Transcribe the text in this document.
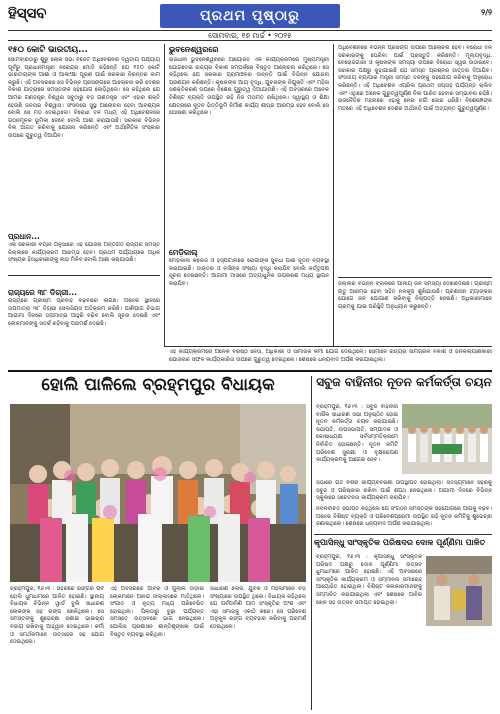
ହିସ୍ସବ	ପ୍ରଥମ ପୃଷ୍ଠାରୁ	୨/୨
ସୋମବାର, ୧୭ ମାର୍ଚ୍ଚ • ୨୦୨୫
୧୫୦ କୋଟି ଭାରତୀୟ...
ସୋମବାରଠାରୁ ଶୁରୁ ଲୋକ ସଭା ବଜେଟ ଅଧିବେଶନର ଦ୍ୱିତୀୟ ପର୍ଯ୍ୟାୟ ପୂର୍ବରୁ ପ୍ରଧାନମନ୍ତ୍ରୀ ନରେନ୍ଦ୍ର ମୋଦି କହିଛନ୍ତି ଯେ ୧୫୦ କୋଟି ଭାରତୀୟଙ୍କ ଆଶା ଓ ଆକାଂକ୍ଷା ପୂରଣ ପାଇଁ ସରକାର ନିରନ୍ତର କାମ କରୁଛି। ଏହି ଅବସରରେ ସେ ବିଭିନ୍ନ ପ୍ରସଙ୍ଗରେ ଆଲୋଚନା କରି ଦେଶର ବିକାଶ ଯାତ୍ରାରେ ସମସ୍ତଙ୍କ ସହଯୋଗ ଲୋଡ଼ିଥିଲେ। ସେ କହିଥିଲେ ଯେ ଆମର ଗଣତନ୍ତ୍ର ବିଶ୍ୱର ସବୁଠାରୁ ବଡ଼ ଗଣତନ୍ତ୍ର ଏବଂ ଏହାର ଶକ୍ତି ହେଉଛି ଜନତାର ବିଶ୍ୱାସ। ସଂସଦରେ ସୁସ୍ଥ ଆଲୋଚନା ହେବା ଆବଶ୍ୟକ ବୋଲି ସେ ମତ ଦେଇଥିଲେ। ବିରୋଧୀ ଦଳ ମଧ୍ୟ ଏହି ଅଧିବେଶନରେ ଗଠନମୂଳକ ଭୂମିକା ନେବେ ବୋଲି ଆଶା କରାଯାଉଛି। ସରକାର ବିଭିନ୍ନ ବିଲ ଆଗତ କରିବାକୁ ଯୋଜନା କରିଛନ୍ତି ଏବଂ ଅର୍ଥନୈତିକ ସଂସ୍କାର ଉପରେ ଗୁରୁତ୍ୱ ଦିଆଯିବ।
ପ୍ରଧାନ...
ଏକ ସରକାରୀ ବୟାନ ଅନୁସାରେ ଏହି ଯୋଜନା ଅନ୍ତର୍ଗତ ରାଜ୍ୟର ସମସ୍ତ ଜିଲ୍ଲାରେ କାର୍ଯ୍ୟକ୍ରମ ଆରମ୍ଭ ହେବ। ପ୍ରଥମ ପର୍ଯ୍ୟାୟରେ ଅଧିକ ସଂଖ୍ୟକ ହିତାଧିକାରୀଙ୍କୁ ଲାଭ ମିଳିବ ବୋଲି ଆଶା କରାଯାଉଛି।
ରାଜ୍ୟରେ ୩୮ ଡିଗ୍ରୀ...
ରାଜ୍ୟରେ ଗ୍ରୀଷ୍ମ ପ୍ରବାହ ବଢ଼ିବାରେ ଲାଗିଛି। ଅନେକ ସ୍ଥାନରେ ତାପମାତ୍ରା ୩୮ ଡିଗ୍ରୀ ସେଲସିୟସ ଅତିକ୍ରମ କରିଛି। ପାଣିପାଗ ବିଭାଗ ଆଗାମୀ ଦିନରେ ତାପମାତ୍ରା ଆହୁରି ବଢ଼ିବ ବୋଲି ସୂଚନା ଦେଇଛି ଏବଂ ଲୋକମାନଙ୍କୁ ସତର୍କ ରହିବାକୁ ପରାମର୍ଶ ଦେଇଛି।
ଭୁବନେଶ୍ୱରରେ
ରାଜଧାନୀ ଭୁବନେଶ୍ୱରରେ ଆୟୋଜିତ ଏକ କାର୍ଯ୍ୟକ୍ରମରେ ମୁଖ୍ୟମନ୍ତ୍ରୀ ଯୋଗଦେଇ ରାଜ୍ୟର ବିକାଶ ସମ୍ପର୍କରେ ବିସ୍ତୃତ ଆଲୋଚନା କରିଥିଲେ। ସେ କହିଥିଲେ ଯେ ସରକାର ଗ୍ରାମାଞ୍ଚଳର ଉନ୍ନତି ପାଇଁ ବିଭିନ୍ନ ଯୋଜନା ପ୍ରଣୟନ କରିଛନ୍ତି। କୃଷକଙ୍କ ଆୟ ବୃଦ୍ଧି, ଯୁବକଙ୍କ ନିଯୁକ୍ତି ଏବଂ ମହିଳା ସଶକ୍ତିକରଣ ଉପରେ ବିଶେଷ ଗୁରୁତ୍ୱ ଦିଆଯାଉଛି। ଏହି ଅବସରରେ ଅନେକ ବିଶିଷ୍ଟ ବ୍ୟକ୍ତି ଉପସ୍ଥିତ ରହି ନିଜ ମତାମତ ରଖିଥିଲେ। ସ୍ୱାସ୍ଥ୍ୟ ଓ ଶିକ୍ଷା କ୍ଷେତ୍ରରେ ନୂତନ ଭିତ୍ତିଭୂମି ନିର୍ମାଣ କାର୍ଯ୍ୟ ଶୀଘ୍ର ଆରମ୍ଭ ହେବ ବୋଲି ସେ ଘୋଷଣା କରିଥିଲେ।
ମେଡ଼ିକାଲ୍
ମେଡ଼ିକାଲ କଲେଜ ଓ ହସ୍ପିଟାଲରେ ରୋଗୀଙ୍କ ସୁବିଧା ପାଇଁ ନୂତନ ବ୍ୟବସ୍ଥା କରାଯାଇଛି। ଡାକ୍ତର ଓ ନର୍ସଙ୍କ ସଂଖ୍ୟା ବୃଦ୍ଧି କରାଯିବ ବୋଲି କର୍ତ୍ତୃପକ୍ଷ ସୂଚନା ଦେଇଛନ୍ତି। ଆଗାମୀ ମାସରେ ଅତ୍ୟାଧୁନିକ ଉପକରଣ ମଧ୍ୟ ସ୍ଥାପନ କରାଯିବ।
ଅଧିବେଶନରେ ବିଭିନ୍ନ ପ୍ରସଙ୍ଗ ଉପରେ ଆଲୋଚନା ହେବ। ବିରୋଧୀ ଦଳ ସରକାରଙ୍କୁ ଘେରିବା ପାଇଁ ପ୍ରସ୍ତୁତି କରିଛନ୍ତି। ମୂଲ୍ୟବୃଦ୍ଧି, ବେରୋଜଗାରୀ ଓ କୃଷକଙ୍କ ସମସ୍ୟା ଉପରେ ବିରୋଧୀ ସ୍ୱର ଉଠାଇବେ। ସରକାର ପକ୍ଷରୁ କୁହାଯାଇଛି ଯେ ସମସ୍ତ ପ୍ରଶ୍ନର ଉତ୍ତର ଦିଆଯିବ। ସଂସଦୀୟ ବ୍ୟାପାର ମନ୍ତ୍ରୀ ସମସ୍ତ ଦଳଙ୍କୁ ସହଯୋଗ କରିବାକୁ ଅନୁରୋଧ କରିଛନ୍ତି। ଏହି ଅଧିବେଶନ ଏପ୍ରିଲ ପ୍ରଥମ ସପ୍ତାହ ପର୍ଯ୍ୟନ୍ତ ଚାଲିବ ଏବଂ ଏଥିରେ ଅନେକ ଗୁରୁତ୍ୱପୂର୍ଣ୍ଣ ବିଲ ପାରିତ ହେବାର ସମ୍ଭାବନା ରହିଛି। ରାଜନୈତିକ ମହଲରେ ଏହାକୁ ନେଇ ଚର୍ଚ୍ଚା ଜୋର ଧରିଛି। ବିଶେଷଜ୍ଞଙ୍କ ମତରେ ଏହି ଅଧିବେଶନ ଦେଶର ଅର୍ଥନୀତି ପାଇଁ ଅତ୍ୟନ୍ତ ଗୁରୁତ୍ୱପୂର୍ଣ୍ଣ।
ଜିଲ୍ଲାର ବିଭିନ୍ନ ବ୍ଲକରେ ପାନୀୟ ଜଳ ସମସ୍ୟା ଦେଖାଦେଇଛି। ଗ୍ରୀଷ୍ମ ଋତୁ ଆରମ୍ଭ ହେବା ସହିତ ନଳକୂପ ଶୁଖିଯାଉଛି। ପ୍ରଶାସନ ଟ୍ୟାଙ୍କର ଯୋଗେ ଜଳ ଯୋଗାଣ କରିବାକୁ ନିଷ୍ପତ୍ତି ନେଇଛି। ଅଧିକାରୀମାନେ ଗ୍ରାମକୁ ଯାଇ ପରିସ୍ଥିତି ଅନୁଧ୍ୟାନ କରୁଛନ୍ତି।
ଏହି କାର୍ଯ୍ୟକ୍ରମରେ ଅନେକ ବରିଷ୍ଠ ନେତା, ଅଧିକାରୀ ଓ ସାମାଜିକ କର୍ମୀ ଯୋଗ ଦେଇଥିଲେ। ସେମାନେ ରାଜ୍ୟର ସାମଗ୍ରିକ ବିକାଶ ଓ ଜନକଲ୍ୟାଣକାରୀ ଯୋଜନାର ସଫଳ କାର୍ଯ୍ୟକାରିତା ଉପରେ ଗୁରୁତ୍ୱ ଦେଇଥିଲେ। ଶେଷରେ ଧନ୍ୟବାଦ ଅର୍ପଣ କରାଯାଇଥିଲା।
ହୋଲି ପାଳିଲେ ବ୍ରହ୍ମପୁର ବିଧାୟକ
ବ୍ରହ୍ମପୁର, ୧୬।୩ : ସହରରେ ରଙ୍ଗର ପର୍ବ ହୋଲି ଧୁମଧାମରେ ପାଳିତ ହୋଇଛି। ସ୍ଥାନୀୟ ବିଧାୟକ ବିଭିନ୍ନ ୱାର୍ଡ ବୁଲି ସାଧାରଣ ଲୋକଙ୍କ ସହ ରଙ୍ଗ ଖେଳିଥିଲେ। ସେ ସମସ୍ତଙ୍କୁ ଶୁଭେଚ୍ଛା ଜଣାଇ ଭାଇଚାରା ବଜାୟ ରଖିବାକୁ ଆହ୍ୱାନ ଦେଇଥିଲେ। କର୍ମୀ ଓ ସମର୍ଥକମାନେ ଉତ୍ସାହର ସହ ଯୋଗ ଦେଇଥିଲେ।
ଏହି ଅବସରରେ ଆବିର ଓ ଗୁଲାଲ ଉଡ଼ାଇ ଲୋକମାନେ ଆନନ୍ଦ ଉଲ୍ଲାସରେ ମାତିଥିଲେ। ସଂଗୀତ ଓ ନୃତ୍ୟ ମଧ୍ୟ ପରିବେଷିତ ହୋଇଥିଲା। ପିଲାଠାରୁ ବୁଢ଼ା ପର୍ଯ୍ୟନ୍ତ ସମସ୍ତେ ଉତ୍ସବରେ ଭାଗ ନେଇଥିଲେ। ପୋଲିସ ପ୍ରଶାସନ ଶାନ୍ତିଶୃଙ୍ଖଳା ପାଇଁ ବିସ୍ତୃତ ବ୍ୟବସ୍ଥା କରିଥିଲା।
ସାଧାରଣ ଲୋକ, ଯୁବକ ଓ ମହିଳାମାନେ ବଡ଼ ସଂଖ୍ୟାରେ ଉପସ୍ଥିତ ଥିଲେ। ବିଧାୟକ କହିଥିଲେ ଯେ ପର୍ବପର୍ବାଣି ଆମ ସଂସ୍କୃତିର ଅଂଶ ଏବଂ ଏହା ସମାଜକୁ ଏକାଠି କରେ। ସେ ପରିବେଶ ଅନୁକୂଳ ରଙ୍ଗ ବ୍ୟବହାର କରିବାକୁ ପରାମର୍ଶ ଦେଇଥିଲେ।
ସବୁଜ ବାହିନୀର ନୂତନ କର୍ମକର୍ତ୍ତା ଚୟନ
ବ୍ରହ୍ମପୁର, ୧୬।୩ : ସବୁଜ ବାହିନୀର ବାର୍ଷିକ ସାଧାରଣ ସଭା ଅନୁଷ୍ଠିତ ହୋଇ ନୂତନ କର୍ମକର୍ତ୍ତା ଚୟନ କରାଯାଇଛି। ସଭାପତି, ଉପସଭାପତି, ସମ୍ପାଦକ ଓ କୋଷାଧ୍ୟକ୍ଷ ସର୍ବସମ୍ମତିକ୍ରମେ ନିର୍ବାଚିତ ହୋଇଛନ୍ତି। ନୂତନ କମିଟି ପରିବେଶ ସୁରକ୍ଷା ଓ ବୃକ୍ଷରୋପଣ କାର୍ଯ୍ୟକ୍ରମକୁ ଆଗେଇ ନେବ।
ସଭାରେ ଗତ ବର୍ଷର କାର୍ଯ୍ୟବିବରଣୀ ଉପସ୍ଥାପିତ ହୋଇଥିଲା। ସଦସ୍ୟମାନେ ସହରକୁ ସବୁଜ ଓ ପରିଷ୍କାର ରଖିବା ପାଇଁ ଶପଥ ନେଇଥିଲେ। ଆଗାମୀ ଦିନରେ ବିଭିନ୍ନ ସ୍କୁଲରେ ସଚେତନତା କାର୍ଯ୍ୟକ୍ରମ କରାଯିବ।
ନବନିର୍ବାଚିତ ସଭାପତି କହିଥିଲେ ଯେ ସଂଗଠନ ସମସ୍ତଙ୍କ ସହଯୋଗରେ ଆଗକୁ ବଢ଼ିବ। ଅନେକ ବିଶିଷ୍ଟ ବ୍ୟକ୍ତି ଓ ପରିବେଶପ୍ରେମୀ ଉପସ୍ଥିତ ରହି ନୂତନ କମିଟିକୁ ଶୁଭେଚ୍ଛା ଜଣାଇଥିଲେ। ଶେଷରେ ଧନ୍ୟବାଦ ଅର୍ପଣ କରାଯାଇଥିଲା।
କୃପାସିନ୍ଧୁ ସାଂସ୍କୃତିକ ପରିଷଦର ଦୋଳ ପୂର୍ଣ୍ଣିମା ପାଳିତ
ବ୍ରହ୍ମପୁର, ୧୬।୩ : କୃପାସିନ୍ଧୁ ସାଂସ୍କୃତିକ ପରିଷଦ ପକ୍ଷରୁ ଦୋଳ ପୂର୍ଣ୍ଣିମା ଉତ୍ସବ ଧୁମଧାମରେ ପାଳିତ ହୋଇଛି। ଏହି ଅବସରରେ ସାଂସ୍କୃତିକ କାର୍ଯ୍ୟକ୍ରମ ଓ ସମ୍ମାନନା ସମାରୋହ ଆୟୋଜିତ ହୋଇଥିଲା। ବିଶିଷ୍ଟ କଳାକାରମାନଙ୍କୁ ସମ୍ମାନିତ କରାଯାଇଥିଲା ଏବଂ ଶେଷରେ ଆବିର ଖେଳ ସହ ଉତ୍ସବ ସମାପ୍ତ ହୋଇଥିଲା।
